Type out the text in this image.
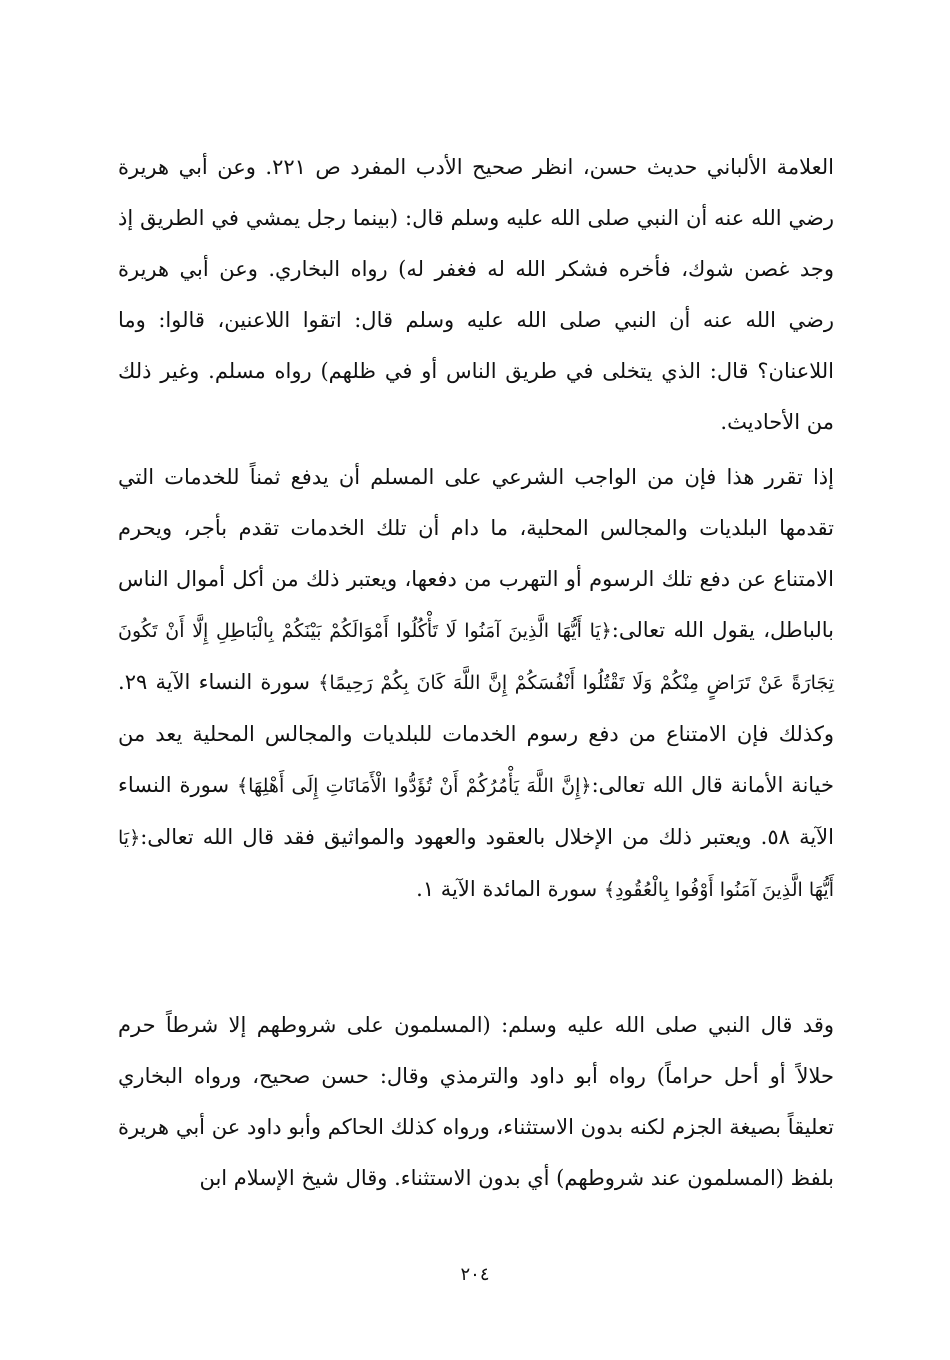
العلامة الألباني حديث حسن، انظر صحيح الأدب المفرد ص ٢٢١. وعن أبي هريرة رضي الله عنه أن النبي صلى الله عليه وسلم قال: (بينما رجل يمشي في الطريق إذ وجد غصن شوك، فأخره فشكر الله له فغفر له) رواه البخاري. وعن أبي هريرة رضي الله عنه أن النبي صلى الله عليه وسلم قال: اتقوا اللاعنين، قالوا: وما اللاعنان؟ قال: الذي يتخلى في طريق الناس أو في ظلهم) رواه مسلم. وغير ذلك من الأحاديث.

إذا تقرر هذا فإن من الواجب الشرعي على المسلم أن يدفع ثمناً للخدمات التي تقدمها البلديات والمجالس المحلية، ما دام أن تلك الخدمات تقدم بأجر، ويحرم الامتناع عن دفع تلك الرسوم أو التهرب من دفعها، ويعتبر ذلك من أكل أموال الناس بالباطل، يقول الله تعالى:﴿يَا أَيُّهَا الَّذِينَ آمَنُوا لَا تَأْكُلُوا أَمْوَالَكُمْ بَيْنَكُمْ بِالْبَاطِلِ إِلَّا أَنْ تَكُونَ تِجَارَةً عَنْ تَرَاضٍ مِنْكُمْ وَلَا تَقْتُلُوا أَنْفُسَكُمْ إِنَّ اللَّهَ كَانَ بِكُمْ رَحِيمًا﴾ سورة النساء الآية ٢٩. وكذلك فإن الامتناع من دفع رسوم الخدمات للبلديات والمجالس المحلية يعد من خيانة الأمانة قال الله تعالى:﴿إِنَّ اللَّهَ يَأْمُرُكُمْ أَنْ تُؤَدُّوا الْأَمَانَاتِ إِلَى أَهْلِهَا﴾ سورة النساء الآية ٥٨. ويعتبر ذلك من الإخلال بالعقود والعهود والمواثيق فقد قال الله تعالى:﴿يَا أَيُّهَا الَّذِينَ آمَنُوا أَوْفُوا بِالْعُقُودِ﴾ سورة المائدة الآية ١.

وقد قال النبي صلى الله عليه وسلم: (المسلمون على شروطهم إلا شرطاً حرم حلالاً أو أحل حراماً) رواه أبو داود والترمذي وقال: حسن صحيح، ورواه البخاري تعليقاً بصيغة الجزم لكنه بدون الاستثناء، ورواه كذلك الحاكم وأبو داود عن أبي هريرة بلفظ (المسلمون عند شروطهم) أي بدون الاستثناء. وقال شيخ الإسلام ابن

٢٠٤
